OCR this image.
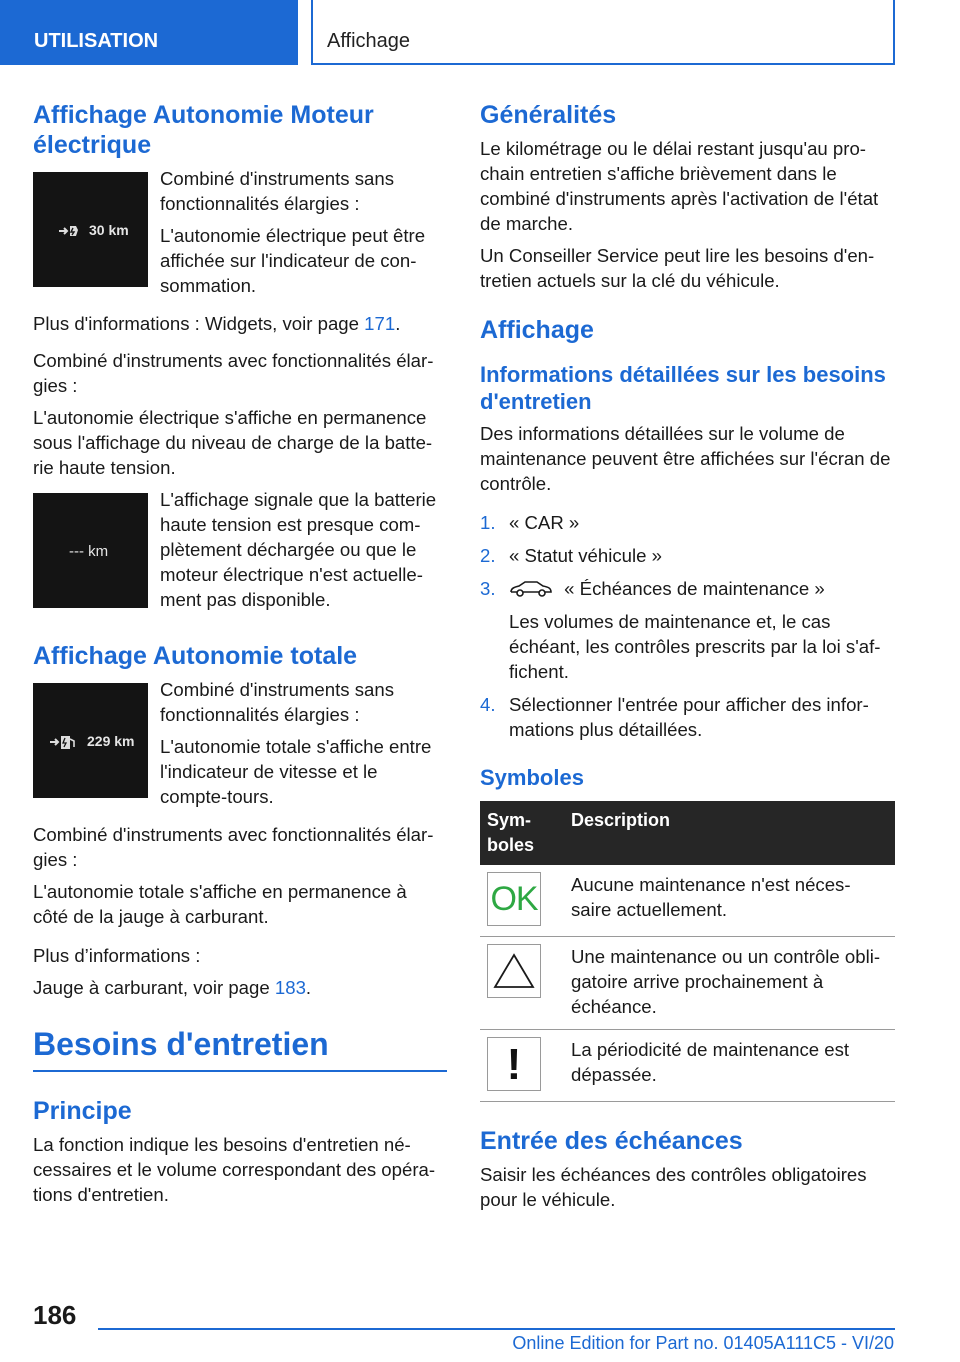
UTILISATION	Affichage
Affichage Autonomie Moteur électrique
30 km

Combiné d'instruments sans fonctionnalités élargies :

L'autonomie électrique peut être affichée sur l'indicateur de con-sommation.

Plus d'informations : Widgets, voir page 171.

Combiné d'instruments avec fonctionnalités élar-gies :

L'autonomie électrique s'affiche en permanence sous l'affichage du niveau de charge de la batte-rie haute tension.

--- km

L'affichage signale que la batterie haute tension est presque com-plètement déchargée ou que le moteur électrique n'est actuelle-ment pas disponible.

Affichage Autonomie totale
229 km

Combiné d'instruments sans fonctionnalités élargies :

L'autonomie totale s'affiche entre l'indicateur de vitesse et le compte-tours.

Combiné d'instruments avec fonctionnalités élar-gies :

L'autonomie totale s'affiche en permanence à côté de la jauge à carburant.

Plus d’informations :

Jauge à carburant, voir page 183.

Besoins d'entretien
Principe

La fonction indique les besoins d'entretien né-cessaires et le volume correspondant des opéra-tions d'entretien.

Généralités

Le kilométrage ou le délai restant jusqu'au pro-chain entretien s'affiche brièvement dans le combiné d'instruments après l'activation de l'état de marche.

Un Conseiller Service peut lire les besoins d'en-tretien actuels sur la clé du véhicule.

Affichage
Informations détaillées sur les besoins d'entretien

Des informations détaillées sur le volume de maintenance peuvent être affichées sur l'écran de contrôle.

1. « CAR »
2. « Statut véhicule »
3.	« Échéances de maintenance »
Les volumes de maintenance et, le cas échéant, les contrôles prescrits par la loi s'af-fichent.
4. Sélectionner l'entrée pour afficher des infor-mations plus détaillées.
Symboles
Sym-boles	Description

OK	Aucune maintenance n'est néces-saire actuellement.

	Une maintenance ou un contrôle obli-gatoire arrive prochainement à échéance.

!	La périodicité de maintenance est dépassée.
Entrée des échéances

Saisir les échéances des contrôles obligatoires pour le véhicule.

186
Online Edition for Part no. 01405A111C5 - VI/20
